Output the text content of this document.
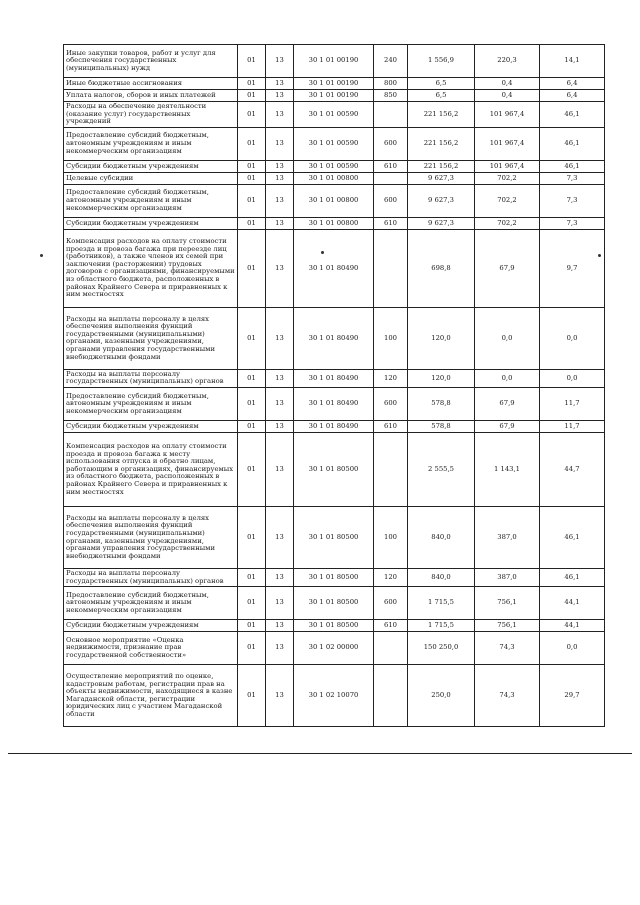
Иные закупки товаров, работ и услуг для обеспечения государственных (муниципальных) нужд	01	13	30 1 01 00190	240	1 556,9	220,3	14,1
Иные бюджетные ассигнования	01	13	30 1 01 00190	800	6,5	0,4	6,4
Уплата налогов, сборов и иных платежей	01	13	30 1 01 00190	850	6,5	0,4	6,4
Расходы на обеспечение деятельности (оказание услуг) государственных учреждений	01	13	30 1 01 00590		221 156,2	101 967,4	46,1
Предоставление субсидий бюджетным, автономным учреждениям и иным некоммерческим организациям	01	13	30 1 01 00590	600	221 156,2	101 967,4	46,1
Субсидии бюджетным учреждениям	01	13	30 1 01 00590	610	221 156,2	101 967,4	46,1
Целевые субсидии	01	13	30 1 01 00800		9 627,3	702,2	7,3
Предоставление субсидий бюджетным, автономным учреждениям и иным некоммерческим организациям	01	13	30 1 01 00800	600	9 627,3	702,2	7,3
Субсидии бюджетным учреждениям	01	13	30 1 01 00800	610	9 627,3	702,2	7,3
Компенсация расходов на оплату стоимости проезда и провоза багажа при переезде лиц (работников), а также членов их семей при заключении (расторжении) трудовых договоров с организациями, финансируемыми из областного бюджета, расположенных в районах Крайнего Севера и приравненных к ним местностях	01	13	30 1 01 80490		698,8	67,9	9,7
Расходы на выплаты персоналу в целях обеспечения выполнения функций государственными (муниципальными) органами, казенными учреждениями, органами управления государственными внебюджетными фондами	01	13	30 1 01 80490	100	120,0	0,0	0,0
Расходы на выплаты персоналу государственных (муниципальных) органов	01	13	30 1 01 80490	120	120,0	0,0	0,0
Предоставление субсидий бюджетным, автономным учреждениям и иным некоммерческим организациям	01	13	30 1 01 80490	600	578,8	67,9	11,7
Субсидии бюджетным учреждениям	01	13	30 1 01 80490	610	578,8	67,9	11,7
Компенсация расходов на оплату стоимости проезда и провоза багажа к месту использования отпуска и обратно лицам, работающим в организациях, финансируемых из областного бюджета, расположенных в районах Крайнего Севера и приравненных к ним местностях	01	13	30 1 01 80500		2 555,5	1 143,1	44,7
Расходы на выплаты персоналу в целях обеспечения выполнения функций государственными (муниципальными) органами, казенными учреждениями, органами управления государственными внебюджетными фондами	01	13	30 1 01 80500	100	840,0	387,0	46,1
Расходы на выплаты персоналу государственных (муниципальных) органов	01	13	30 1 01 80500	120	840,0	387,0	46,1
Предоставление субсидий бюджетным, автономным учреждениям и иным некоммерческим организациям	01	13	30 1 01 80500	600	1 715,5	756,1	44,1
Субсидии бюджетным учреждениям	01	13	30 1 01 80500	610	1 715,5	756,1	44,1
Основное мероприятие «Оценка недвижимости, признание прав государственной собственности»	01	13	30 1 02 00000		150 250,0	74,3	0,0
Осуществление мероприятий по оценке, кадастровым работам, регистрации прав на объекты недвижимости, находящиеся в казне Магаданской области, регистрации юридических лиц с участием Магаданской области	01	13	30 1 02 10070		250,0	74,3	29,7
